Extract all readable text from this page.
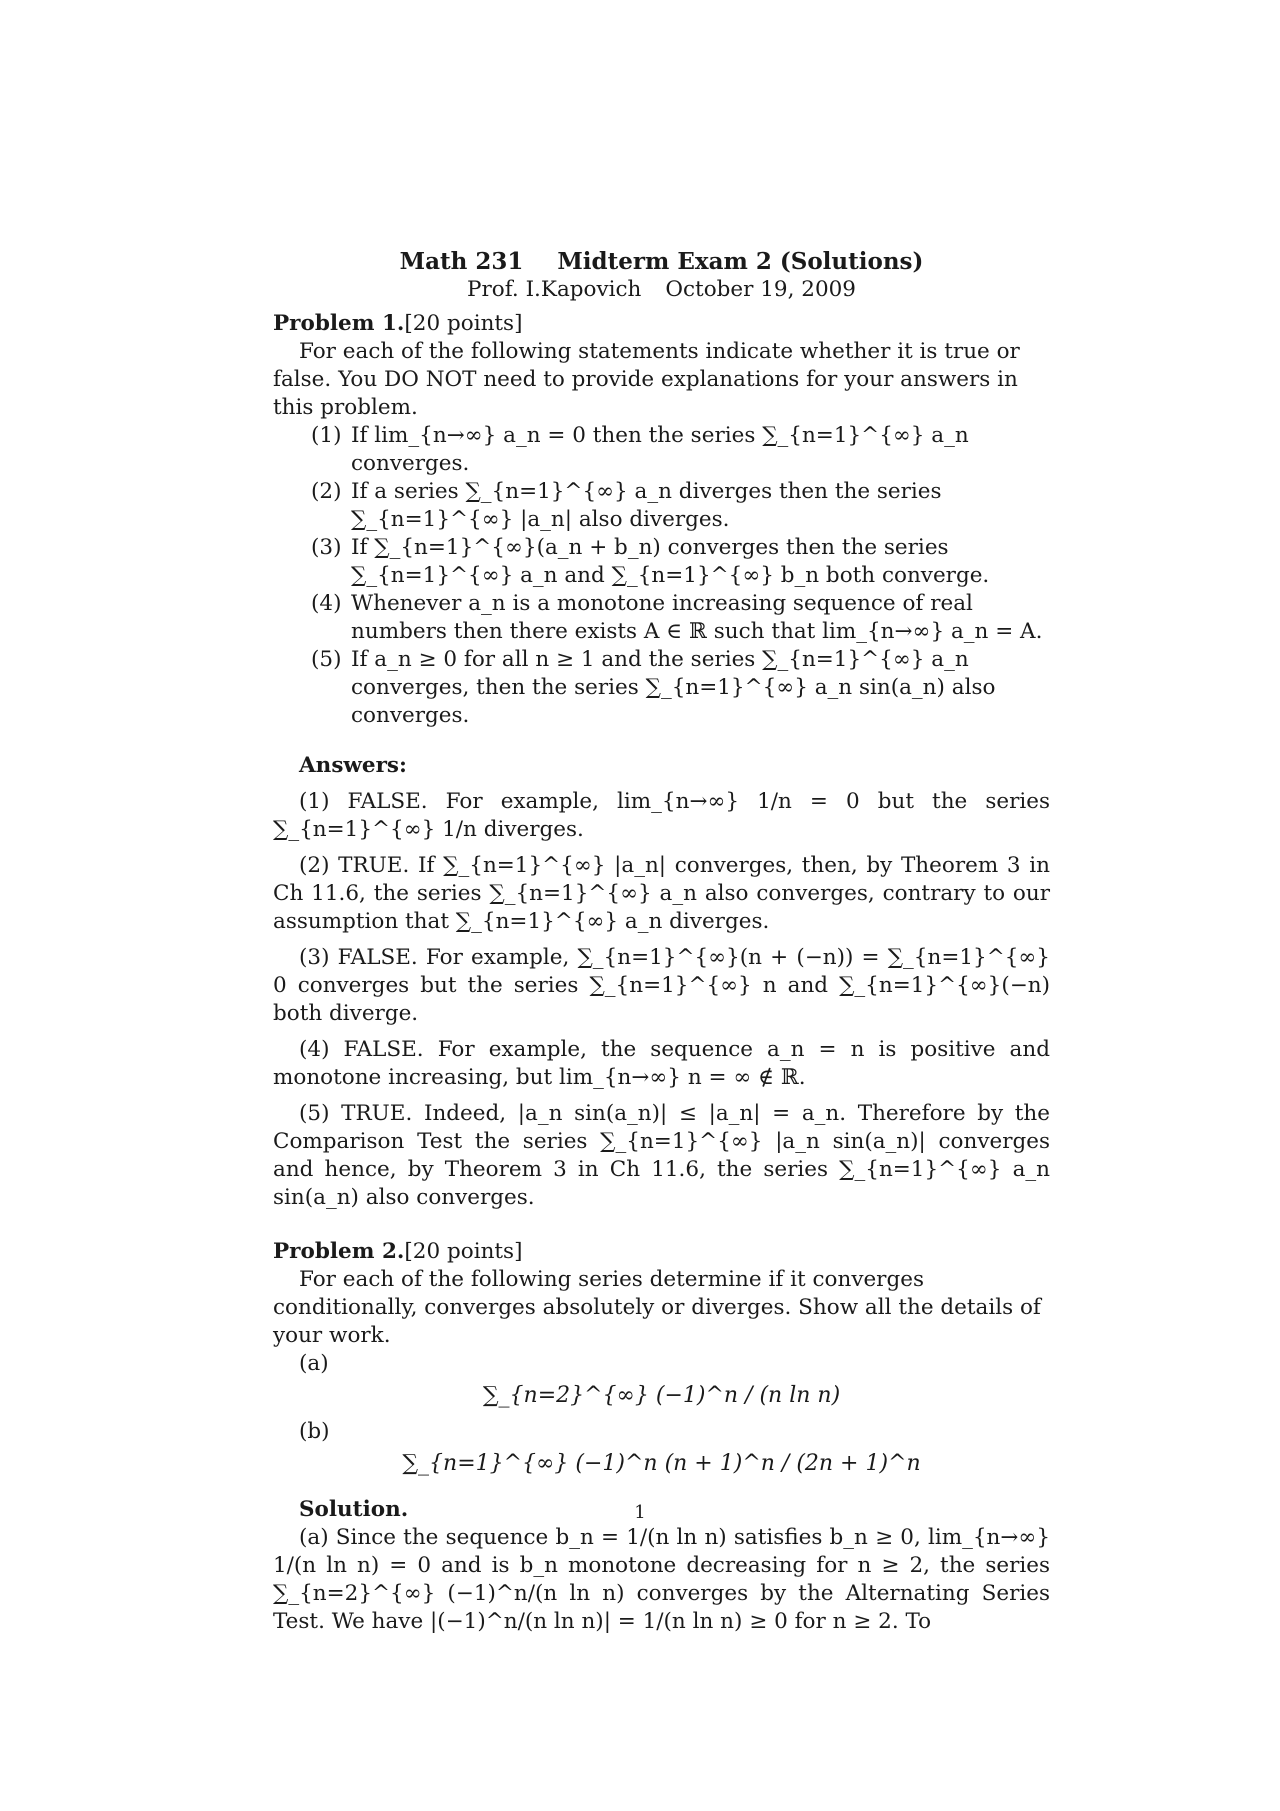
Math 231 Midterm Exam 2 (Solutions)
Prof. I.Kapovich October 19, 2009
Problem 1.[20 points]

For each of the following statements indicate whether it is true or false. You DO NOT need to provide explanations for your answers in this problem.

(1) If lim_{n→∞} a_n = 0 then the series ∑_{n=1}^{∞} a_n converges.
(2) If a series ∑_{n=1}^{∞} a_n diverges then the series ∑_{n=1}^{∞} |a_n| also diverges.
(3) If ∑_{n=1}^{∞}(a_n + b_n) converges then the series ∑_{n=1}^{∞} a_n and ∑_{n=1}^{∞} b_n both converge.
(4) Whenever a_n is a monotone increasing sequence of real numbers then there exists A ∈ ℝ such that lim_{n→∞} a_n = A.
(5) If a_n ≥ 0 for all n ≥ 1 and the series ∑_{n=1}^{∞} a_n converges, then the series ∑_{n=1}^{∞} a_n sin(a_n) also converges.
Answers:

(1) FALSE. For example, lim_{n→∞} 1/n = 0 but the series ∑_{n=1}^{∞} 1/n diverges.

(2) TRUE. If ∑_{n=1}^{∞} |a_n| converges, then, by Theorem 3 in Ch 11.6, the series ∑_{n=1}^{∞} a_n also converges, contrary to our assumption that ∑_{n=1}^{∞} a_n diverges.

(3) FALSE. For example, ∑_{n=1}^{∞}(n + (−n)) = ∑_{n=1}^{∞} 0 converges but the series ∑_{n=1}^{∞} n and ∑_{n=1}^{∞}(−n) both diverge.

(4) FALSE. For example, the sequence a_n = n is positive and monotone increasing, but lim_{n→∞} n = ∞ ∉ ℝ.

(5) TRUE. Indeed, |a_n sin(a_n)| ≤ |a_n| = a_n. Therefore by the Comparison Test the series ∑_{n=1}^{∞} |a_n sin(a_n)| converges and hence, by Theorem 3 in Ch 11.6, the series ∑_{n=1}^{∞} a_n sin(a_n) also converges.

Problem 2.[20 points]

For each of the following series determine if it converges conditionally, converges absolutely or diverges. Show all the details of your work.

(a)
∑_{n=2}^{∞} (−1)^n / (n ln n)
(b)
∑_{n=1}^{∞} (−1)^n (n + 1)^n / (2n + 1)^n
Solution.

(a) Since the sequence b_n = 1/(n ln n) satisfies b_n ≥ 0, lim_{n→∞} 1/(n ln n) = 0 and is b_n monotone decreasing for n ≥ 2, the series ∑_{n=2}^{∞} (−1)^n/(n ln n) converges by the Alternating Series Test. We have |(−1)^n/(n ln n)| = 1/(n ln n) ≥ 0 for n ≥ 2. To

1
